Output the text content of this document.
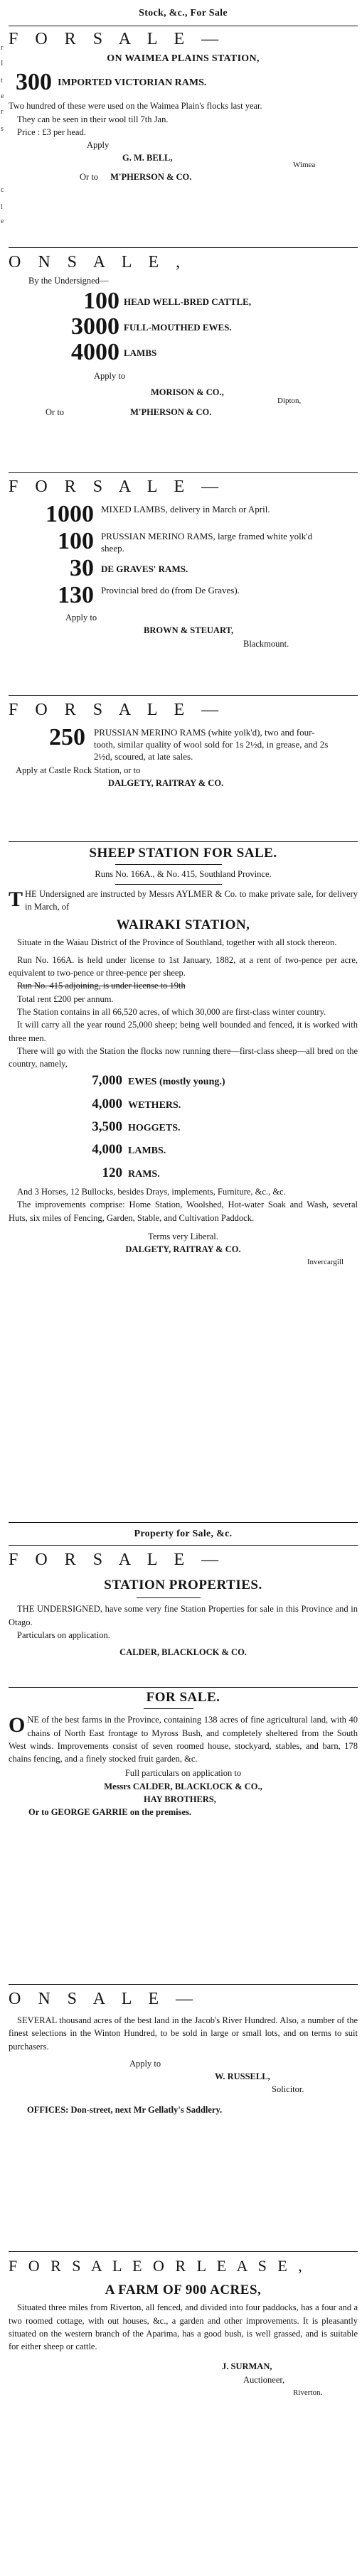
r
I
t
e
r
s
c
l
e
Stock, &c., For Sale
F O R S A L E —
ON WAIMEA PLAINS STATION,
300 IMPORTED VICTORIAN RAMS.
Two hundred of these were used on the Waimea Plain's flocks last year.
They can be seen in their wool till 7th Jan.
Price : £3 per head.
Apply
G. M. BELL,
Wimea
Or to M'PHERSON & CO.
O N S A L E ,
By the Undersigned—
100 HEAD WELL-BRED CATTLE,
3000 FULL-MOUTHED EWES.
4000 LAMBS
Apply to
MORISON & CO.,
Dipton,
Or to	M'PHERSON & CO.
F O R S A L E —
1000 MIXED LAMBS, delivery in March or April.
100 PRUSSIAN MERINO RAMS, large framed white yolk'd sheep.
30 DE GRAVES' RAMS.
130 Provincial bred do (from De Graves).
Apply to
BROWN & STEUART,
Blackmount.
F O R S A L E —
250 PRUSSIAN MERINO RAMS (white yolk'd), two and four-tooth, similar quality of wool sold for 1s 2½d, in grease, and 2s 2½d, scoured, at late sales.
Apply at Castle Rock Station, or to
DALGETY, RAITRAY & CO.
SHEEP STATION FOR SALE.
Runs No. 166A., & No. 415, Southland Province.
T HE Undersigned are instructed by Messrs AYLMER & Co. to make private sale, for delivery in March, of
WAIRAKI STATION,
Situate in the Waiau District of the Province of Southland, together with all stock thereon.
Run No. 166A. is held under license to 1st January, 1882, at a rent of two-pence per acre, equivalent to two-pence or three-pence per sheep.
Run No. 415 adjoining, is under license to 19th
Total rent £200 per annum.
The Station contains in all 66,520 acres, of which 30,000 are first-class winter country.
It will carry all the year round 25,000 sheep; being well bounded and fenced, it is worked with three men.
There will go with the Station the flocks now running there—first-class sheep—all bred on the country, namely,
7,000 EWES (mostly young.)
4,000 WETHERS.
3,500 HOGGETS.
4,000 LAMBS.
120 RAMS.
And 3 Horses, 12 Bullocks, besides Drays, implements, Furniture, &c., &c.
The improvements comprise: Home Station, Woolshed, Hot-water Soak and Wash, several Huts, six miles of Fencing, Garden, Stable, and Cultivation Paddock.
Terms very Liberal.
DALGETY, RAITRAY & CO.
Invercargill
Property for Sale, &c.
F O R S A L E —
STATION PROPERTIES.
THE UNDERSIGNED, have some very fine Station Properties for sale in this Province and in Otago.
Particulars on application.
CALDER, BLACKLOCK & CO.
FOR SALE.
O NE of the best farms in the Province, containing 138 acres of fine agricultural land, with 40 chains of North East frontage to Myross Bush, and completely sheltered from the South West winds. Improvements consist of seven roomed house, stockyard, stables, and barn, 178 chains fencing, and a finely stocked fruit garden, &c.
Full particulars on application to
Messrs CALDER, BLACKLOCK & CO.,
HAY BROTHERS,
Or to GEORGE GARRIE on the premises.
O N S A L E —
SEVERAL thousand acres of the best land in the Jacob's River Hundred. Also, a number of the finest selections in the Winton Hundred, to be sold in large or small lots, and on terms to suit purchasers.
Apply to
W. RUSSELL,
Solicitor.
OFFICES: Don-street, next Mr Gellatly's Saddlery.
F O R S A L E O R L E A S E ,
A FARM OF 900 ACRES,
Situated three miles from Riverton, all fenced, and divided into four paddocks, has a four and a two roomed cottage, with out houses, &c., a garden and other improvements. It is pleasantly situated on the western branch of the Aparima, has a good bush, is well grassed, and is suitable for either sheep or cattle.
J. SURMAN,
Auctioneer,
Riverton.
